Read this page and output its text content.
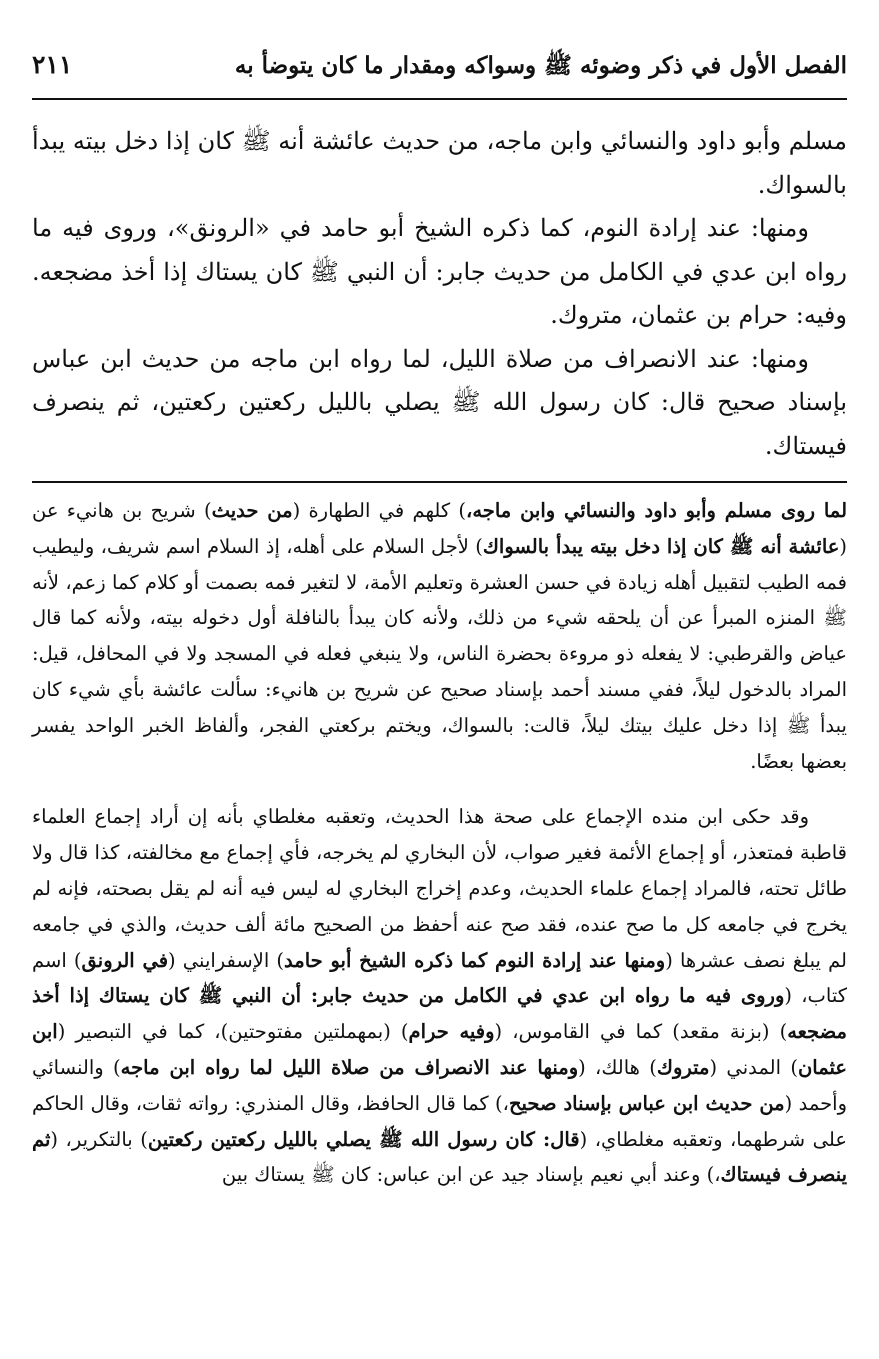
الفصل الأول في ذكر وضوئه ﷺ وسواكه ومقدار ما كان يتوضأ به
٢١١

مسلم وأبو داود والنسائي وابن ماجه، من حديث عائشة أنه ﷺ كان إذا دخل بيته يبدأ بالسواك.

ومنها: عند إرادة النوم، كما ذكره الشيخ أبو حامد في «الرونق»، وروى فيه ما رواه ابن عدي في الكامل من حديث جابر: أن النبي ﷺ كان يستاك إذا أخذ مضجعه. وفيه: حرام بن عثمان، متروك.

ومنها: عند الانصراف من صلاة الليل، لما رواه ابن ماجه من حديث ابن عباس بإسناد صحيح قال: كان رسول الله ﷺ يصلي بالليل ركعتين ركعتين، ثم ينصرف فيستاك.

لما روى مسلم وأبو داود والنسائي وابن ماجه،) كلهم في الطهارة (من حديث) شريح بن هانيء عن (عائشة أنه ﷺ كان إذا دخل بيته يبدأ بالسواك) لأجل السلام على أهله، إذ السلام اسم شريف، وليطيب فمه الطيب لتقبيل أهله زيادة في حسن العشرة وتعليم الأمة، لا لتغير فمه بصمت أو كلام كما زعم، لأنه ﷺ المنزه المبرأ عن أن يلحقه شيء من ذلك، ولأنه كان يبدأ بالنافلة أول دخوله بيته، ولأنه كما قال عياض والقرطبي: لا يفعله ذو مروءة بحضرة الناس، ولا ينبغي فعله في المسجد ولا في المحافل، قيل: المراد بالدخول ليلاً، ففي مسند أحمد بإسناد صحيح عن شريح بن هانيء: سألت عائشة بأي شيء كان يبدأ ﷺ إذا دخل عليك بيتك ليلاً، قالت: بالسواك، ويختم بركعتي الفجر، وألفاظ الخبر الواحد يفسر بعضها بعضًا.

وقد حكى ابن منده الإجماع على صحة هذا الحديث، وتعقبه مغلطاي بأنه إن أراد إجماع العلماء قاطبة فمتعذر، أو إجماع الأئمة فغير صواب، لأن البخاري لم يخرجه، فأي إجماع مع مخالفته، كذا قال ولا طائل تحته، فالمراد إجماع علماء الحديث، وعدم إخراج البخاري له ليس فيه أنه لم يقل بصحته، فإنه لم يخرج في جامعه كل ما صح عنده، فقد صح عنه أحفظ من الصحيح مائة ألف حديث، والذي في جامعه لم يبلغ نصف عشرها (ومنها عند إرادة النوم كما ذكره الشيخ أبو حامد) الإسفرايني (في الرونق) اسم كتاب، (وروى فيه ما رواه ابن عدي في الكامل من حديث جابر: أن النبي ﷺ كان يستاك إذا أخذ مضجعه) (بزنة مقعد) كما في القاموس، (وفيه حرام) (بمهملتين مفتوحتين)، كما في التبصير (ابن عثمان) المدني (متروك) هالك، (ومنها عند الانصراف من صلاة الليل لما رواه ابن ماجه) والنسائي وأحمد (من حديث ابن عباس بإسناد صحيح،) كما قال الحافظ، وقال المنذري: رواته ثقات، وقال الحاكم على شرطهما، وتعقبه مغلطاي، (قال: كان رسول الله ﷺ يصلي بالليل ركعتين ركعتين) بالتكرير، (ثم ينصرف فيستاك،) وعند أبي نعيم بإسناد جيد عن ابن عباس: كان ﷺ يستاك بين
